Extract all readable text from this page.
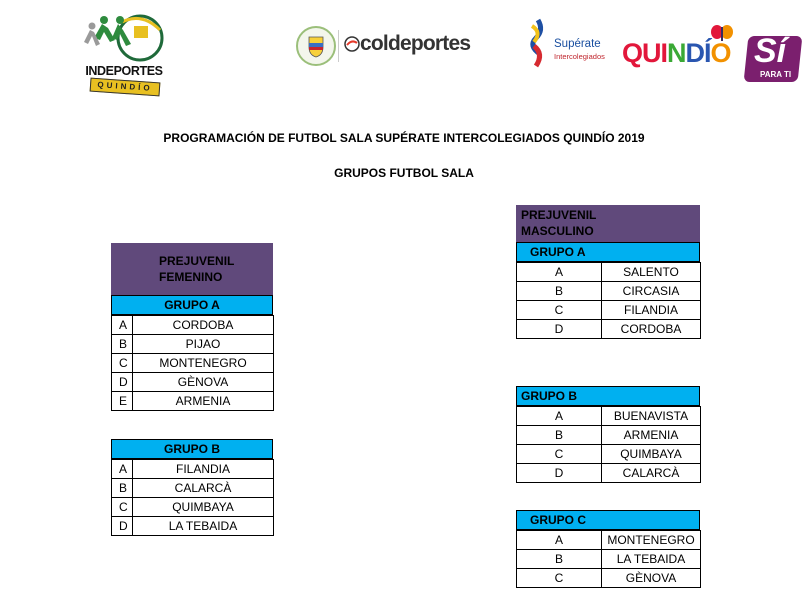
INDEPORTES
QUINDÍO
coldeportes	Supérate
Intercolegiados QUINDÍO Sí
PARA TI
PROGRAMACIÓN DE FUTBOL SALA SUPÉRATE INTERCOLEGIADOS QUINDÍO 2019
GRUPOS FUTBOL SALA
PREJUVENIL
FEMENINO
GRUPO A
A	CORDOBA
B	PIJAO
C	MONTENEGRO
D	GÈNOVA
E	ARMENIA
GRUPO B
A	FILANDIA
B	CALARCÀ
C	QUIMBAYA
D	LA TEBAIDA
PREJUVENIL
MASCULINO
GRUPO A
A	SALENTO
B	CIRCASIA
C	FILANDIA
D	CORDOBA
GRUPO B
A	BUENAVISTA
B	ARMENIA
C	QUIMBAYA
D	CALARCÀ
GRUPO C
A	MONTENEGRO
B	LA TEBAIDA
C	GÈNOVA
